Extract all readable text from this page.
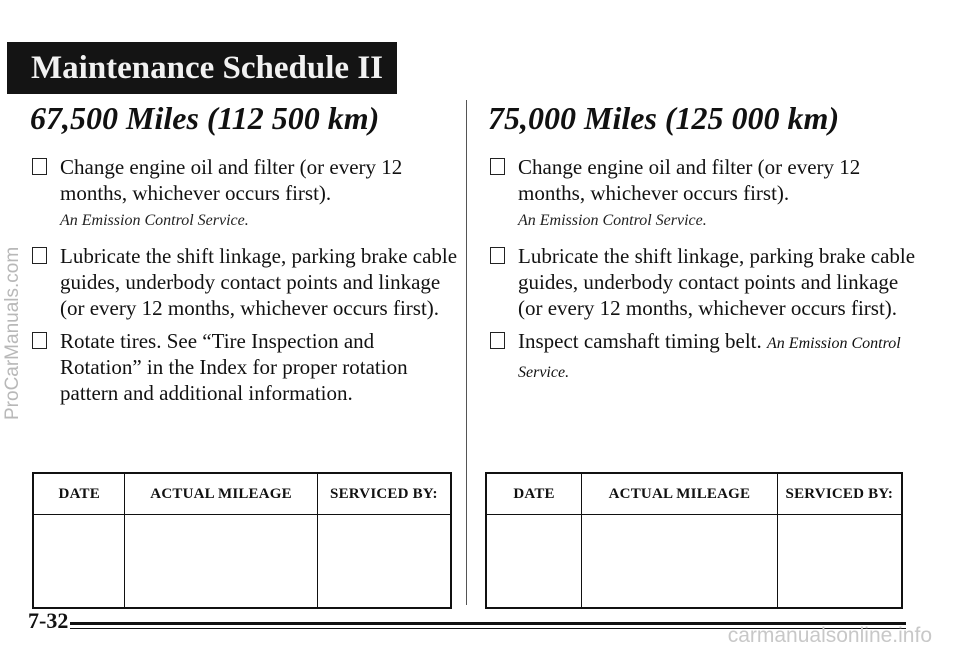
Maintenance Schedule II
67,500 Miles (112 500 km)
Change engine oil and filter (or every 12 months, whichever occurs first).
An Emission Control Service.
Lubricate the shift linkage, parking brake cable guides, underbody contact points and linkage (or every 12 months, whichever occurs first).
Rotate tires. See “Tire Inspection and Rotation” in the Index for proper rotation pattern and additional information.
75,000 Miles (125 000 km)
Change engine oil and filter (or every 12 months, whichever occurs first).
An Emission Control Service.
Lubricate the shift linkage, parking brake cable guides, underbody contact points and linkage (or every 12 months, whichever occurs first).
Inspect camshaft timing belt. An Emission Control Service.
DATE	ACTUAL MILEAGE	SERVICED BY:
			DATE	ACTUAL MILEAGE	SERVICED BY:

7-32
ProCarManuals.com
carmanualsonline.info
